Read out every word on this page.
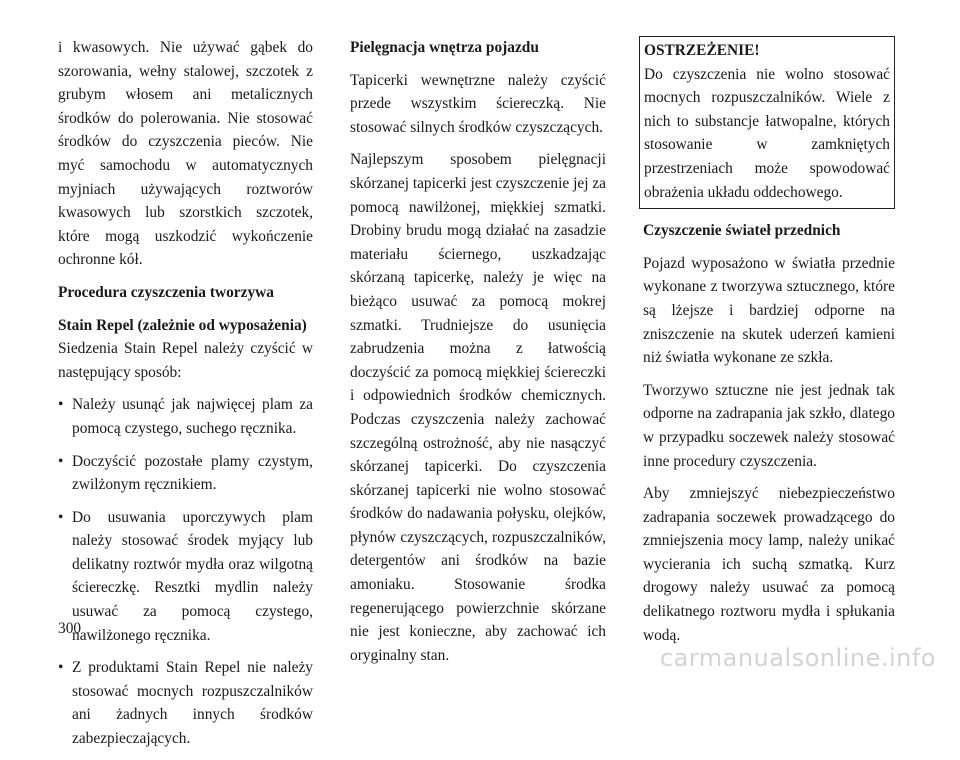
i kwasowych. Nie używać gąbek do szorowania, wełny stalowej, szczotek z grubym włosem ani metalicznych środków do polerowania. Nie stosować środków do czyszczenia pieców. Nie myć samochodu w automatycznych myjniach używających roztworów kwasowych lub szorstkich szczotek, które mogą uszkodzić wykończenie ochronne kół.

Procedura czyszczenia tworzywa

Stain Repel (zależnie od wyposażenia)

Siedzenia Stain Repel należy czyścić w następujący sposób:

• Należy usunąć jak najwięcej plam za pomocą czystego, suchego ręcznika.
• Doczyścić pozostałe plamy czystym, zwilżonym ręcznikiem.
• Do usuwania uporczywych plam należy stosować środek myjący lub delikatny roztwór mydła oraz wilgotną ściereczkę. Resztki mydlin należy usuwać za pomocą czystego, nawilżonego ręcznika.
• Z produktami Stain Repel nie należy stosować mocnych rozpuszczalników ani żadnych innych środków zabezpieczających.

Pielęgnacja wnętrza pojazdu

Tapicerki wewnętrzne należy czyścić przede wszystkim ściereczką. Nie stosować silnych środków czyszczących.

Najlepszym sposobem pielęgnacji skórzanej tapicerki jest czyszczenie jej za pomocą nawilżonej, miękkiej szmatki. Drobiny brudu mogą działać na zasadzie materiału ściernego, uszkadzając skórzaną tapicerkę, należy je więc na bieżąco usuwać za pomocą mokrej szmatki. Trudniejsze do usunięcia zabrudzenia można z łatwością doczyścić za pomocą miękkiej ściereczki i odpowiednich środków chemicznych. Podczas czyszczenia należy zachować szczególną ostrożność, aby nie nasączyć skórzanej tapicerki. Do czyszczenia skórzanej tapicerki nie wolno stosować środków do nadawania połysku, olejków, płynów czyszczących, rozpuszczalników, detergentów ani środków na bazie amoniaku. Stosowanie środka regenerującego powierzchnie skórzane nie jest konieczne, aby zachować ich oryginalny stan.

OSTRZEŻENIE!

Do czyszczenia nie wolno stosować mocnych rozpuszczalników. Wiele z nich to substancje łatwopalne, których stosowanie w zamkniętych przestrzeniach może spowodować obrażenia układu oddechowego.

Czyszczenie świateł przednich

Pojazd wyposażono w światła przednie wykonane z tworzywa sztucznego, które są lżejsze i bardziej odporne na zniszczenie na skutek uderzeń kamieni niż światła wykonane ze szkła.

Tworzywo sztuczne nie jest jednak tak odporne na zadrapania jak szkło, dlatego w przypadku soczewek należy stosować inne procedury czyszczenia.

Aby zmniejszyć niebezpieczeństwo zadrapania soczewek prowadzącego do zmniejszenia mocy lamp, należy unikać wycierania ich suchą szmatką. Kurz drogowy należy usuwać za pomocą delikatnego roztworu mydła i spłukania wodą.

300
carmanualsonline.info
